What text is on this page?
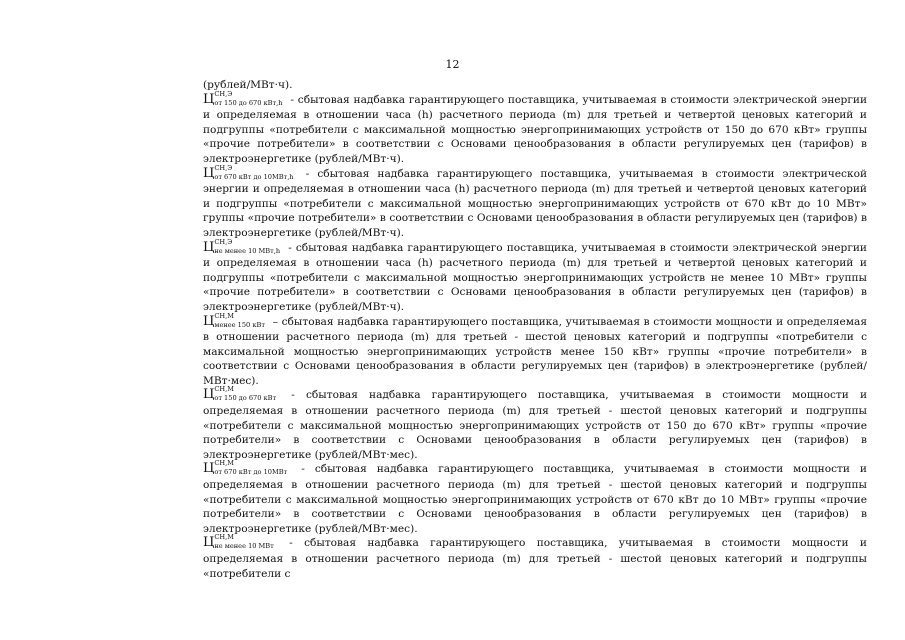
12

(рублей/МВт·ч).

Ц СН,Э
от 150 до 670 кВт,h - сбытовая надбавка гарантирующего поставщика, учитываемая в стоимости электрической энергии и определяемая в отношении часа (h) расчетного периода (m) для третьей и четвертой ценовых категорий и подгруппы «потребители с максимальной мощностью энергопринимающих устройств от 150 до 670 кВт» группы «прочие потребители» в соответствии с Основами ценообразования в области регулируемых цен (тарифов) в электроэнергетике (рублей/МВт·ч).

Ц СН,Э
от 670 кВт до 10МВт,h - сбытовая надбавка гарантирующего поставщика, учитываемая в стоимости электрической энергии и определяемая в отношении часа (h) расчетного периода (m) для третьей и четвертой ценовых категорий и подгруппы «потребители с максимальной мощностью энергопринимающих устройств от 670 кВт до 10 МВт» группы «прочие потребители» в соответствии с Основами ценообразования в области регулируемых цен (тарифов) в электроэнергетике (рублей/МВт·ч).

Ц СН,Э
не менее 10 МВт,h - сбытовая надбавка гарантирующего поставщика, учитываемая в стоимости электрической энергии и определяемая в отношении часа (h) расчетного периода (m) для третьей и четвертой ценовых категорий и подгруппы «потребители с максимальной мощностью энергопринимающих устройств не менее 10 МВт» группы «прочие потребители» в соответствии с Основами ценообразования в области регулируемых цен (тарифов) в электроэнергетике (рублей/МВт·ч).

Ц СН,М
менее 150 кВт – сбытовая надбавка гарантирующего поставщика, учитываемая в стоимости мощности и определяемая в отношении расчетного периода (m) для третьей - шестой ценовых категорий и подгруппы «потребители с максимальной мощностью энергопринимающих устройств менее 150 кВт» группы «прочие потребители» в соответствии с Основами ценообразования в области регулируемых цен (тарифов) в электроэнергетике (рублей/МВт·мес).

Ц СН,М
от 150 до 670 кВт - сбытовая надбавка гарантирующего поставщика, учитываемая в стоимости мощности и определяемая в отношении расчетного периода (m) для третьей - шестой ценовых категорий и подгруппы «потребители с максимальной мощностью энергопринимающих устройств от 150 до 670 кВт» группы «прочие потребители» в соответствии с Основами ценообразования в области регулируемых цен (тарифов) в электроэнергетике (рублей/МВт·мес).

Ц СН,М
от 670 кВт до 10МВт - сбытовая надбавка гарантирующего поставщика, учитываемая в стоимости мощности и определяемая в отношении расчетного периода (m) для третьей - шестой ценовых категорий и подгруппы «потребители с максимальной мощностью энергопринимающих устройств от 670 кВт до 10 МВт» группы «прочие потребители» в соответствии с Основами ценообразования в области регулируемых цен (тарифов) в электроэнергетике (рублей/МВт·мес).

Ц СН,М
не менее 10 МВт - сбытовая надбавка гарантирующего поставщика, учитываемая в стоимости мощности и определяемая в отношении расчетного периода (m) для третьей - шестой ценовых категорий и подгруппы «потребители с
